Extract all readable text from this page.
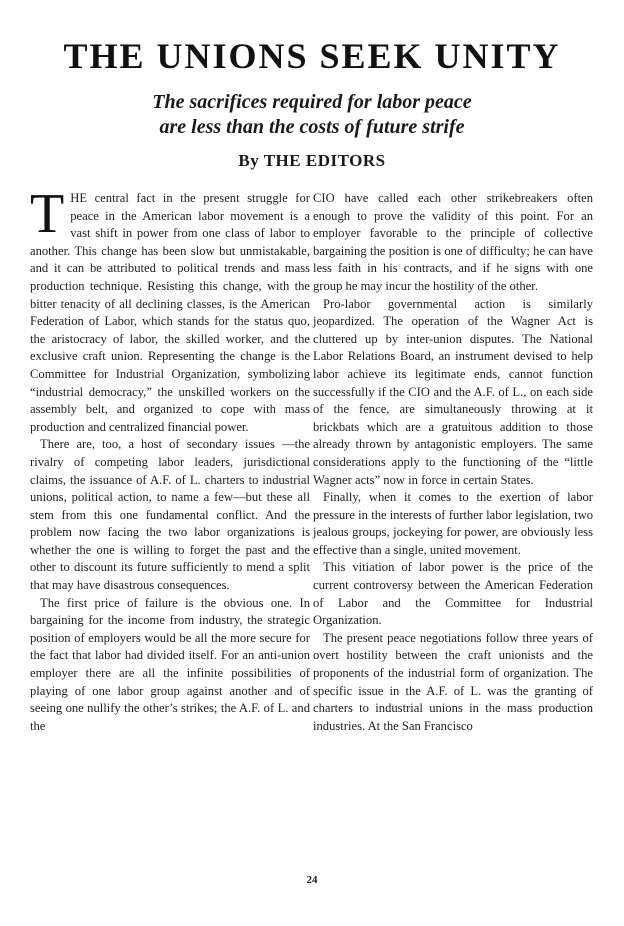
THE UNIONS SEEK UNITY
The sacrifices required for labor peace
are less than the costs of future strife
By THE EDITORS

THE central fact in the present struggle for peace in the American labor movement is a vast shift in power from one class of labor to another. This change has been slow but unmistakable, and it can be attributed to political trends and mass production technique. Resisting this change, with the bitter tenacity of all declining classes, is the American Federation of Labor, which stands for the status quo, the aristocracy of labor, the skilled worker, and the exclusive craft union. Representing the change is the Committee for Industrial Organization, symbolizing “industrial democracy,” the unskilled workers on the assembly belt, and organized to cope with mass production and centralized financial power.

There are, too, a host of secondary issues —the rivalry of competing labor leaders, jurisdictional claims, the issuance of A.F. of L. charters to industrial unions, political action, to name a few—but these all stem from this one fundamental conflict. And the problem now facing the two labor organizations is whether the one is willing to forget the past and the other to discount its future sufficiently to mend a split that may have disastrous consequences.

The first price of failure is the obvious one. In bargaining for the income from industry, the strategic position of employers would be all the more secure for the fact that labor had divided itself. For an anti-union employer there are all the infinite possibilities of playing of one labor group against another and of seeing one nullify the other’s strikes; the A.F. of L. and the

CIO have called each other strikebreakers often enough to prove the validity of this point. For an employer favorable to the principle of collective bargaining the position is one of difficulty; he can have less faith in his contracts, and if he signs with one group he may incur the hostility of the other.

Pro-labor governmental action is similarly jeopardized. The operation of the Wagner Act is cluttered up by inter-union disputes. The National Labor Relations Board, an instrument devised to help labor achieve its legitimate ends, cannot function successfully if the CIO and the A.F. of L., on each side of the fence, are simultaneously throwing at it brickbats which are a gratuitous addition to those already thrown by antagonistic employers. The same considerations apply to the functioning of the “little Wagner acts” now in force in certain States.

Finally, when it comes to the exertion of labor pressure in the interests of further labor legislation, two jealous groups, jockeying for power, are obviously less effective than a single, united movement.

This vitiation of labor power is the price of the current controversy between the American Federation of Labor and the Committee for Industrial Organization.

The present peace negotiations follow three years of overt hostility between the craft unionists and the proponents of the industrial form of organization. The specific issue in the A.F. of L. was the granting of charters to industrial unions in the mass production industries. At the San Francisco

24
